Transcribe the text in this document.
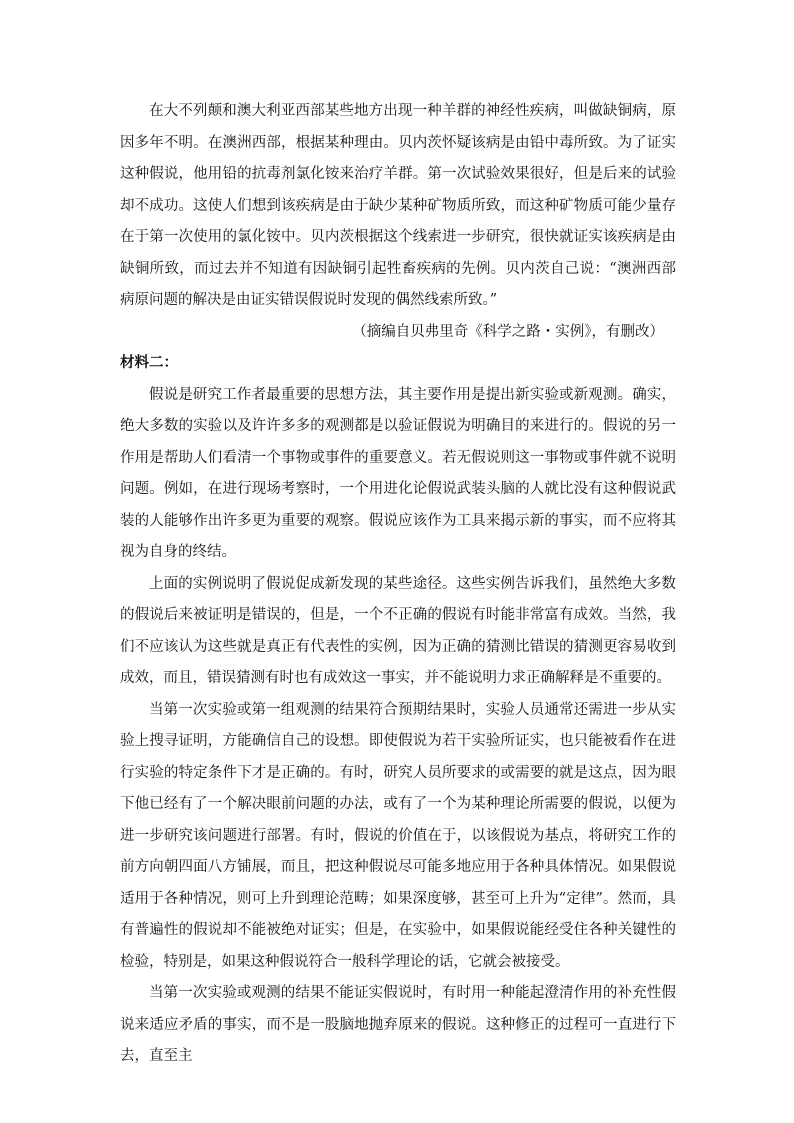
在大不列颠和澳大利亚西部某些地方出现一种羊群的神经性疾病，叫做缺铜病，原因多年不明。在澳洲西部，根据某种理由。贝内茨怀疑该病是由铅中毒所致。为了证实这种假说，他用铅的抗毒剂氯化铵来治疗羊群。第一次试验效果很好，但是后来的试验却不成功。这使人们想到该疾病是由于缺少某种矿物质所致，而这种矿物质可能少量存在于第一次使用的氯化铵中。贝内茨根据这个线索进一步研究，很快就证实该疾病是由缺铜所致，而过去并不知道有因缺铜引起牲畜疾病的先例。贝内茨自己说：“澳洲西部病原问题的解决是由证实错误假说时发现的偶然线索所致。”

（摘编自贝弗里奇《科学之路・实例》，有删改）

材料二：

假说是研究工作者最重要的思想方法，其主要作用是提出新实验或新观测。确实，绝大多数的实验以及许许多多的观测都是以验证假说为明确目的来进行的。假说的另一作用是帮助人们看清一个事物或事件的重要意义。若无假说则这一事物或事件就不说明问题。例如，在进行现场考察时，一个用进化论假说武装头脑的人就比没有这种假说武装的人能够作出许多更为重要的观察。假说应该作为工具来揭示新的事实，而不应将其视为自身的终结。

上面的实例说明了假说促成新发现的某些途径。这些实例告诉我们，虽然绝大多数的假说后来被证明是错误的，但是，一个不正确的假说有时能非常富有成效。当然，我们不应该认为这些就是真正有代表性的实例，因为正确的猜测比错误的猜测更容易收到成效，而且，错误猜测有时也有成效这一事实，并不能说明力求正确解释是不重要的。

当第一次实验或第一组观测的结果符合预期结果时，实验人员通常还需进一步从实验上搜寻证明，方能确信自己的设想。即使假说为若干实验所证实，也只能被看作在进行实验的特定条件下才是正确的。有时，研究人员所要求的或需要的就是这点，因为眼下他已经有了一个解决眼前问题的办法，或有了一个为某种理论所需要的假说，以便为进一步研究该问题进行部署。有时，假说的价值在于，以该假说为基点，将研究工作的前方向朝四面八方铺展，而且，把这种假说尽可能多地应用于各种具体情况。如果假说适用于各种情况，则可上升到理论范畴；如果深度够，甚至可上升为“定律”。然而，具有普遍性的假说却不能被绝对证实；但是，在实验中，如果假说能经受住各种关键性的检验，特别是，如果这种假说符合一般科学理论的话，它就会被接受。

当第一次实验或观测的结果不能证实假说时，有时用一种能起澄清作用的补充性假说来适应矛盾的事实，而不是一股脑地抛弃原来的假说。这种修正的过程可一直进行下去，直至主
